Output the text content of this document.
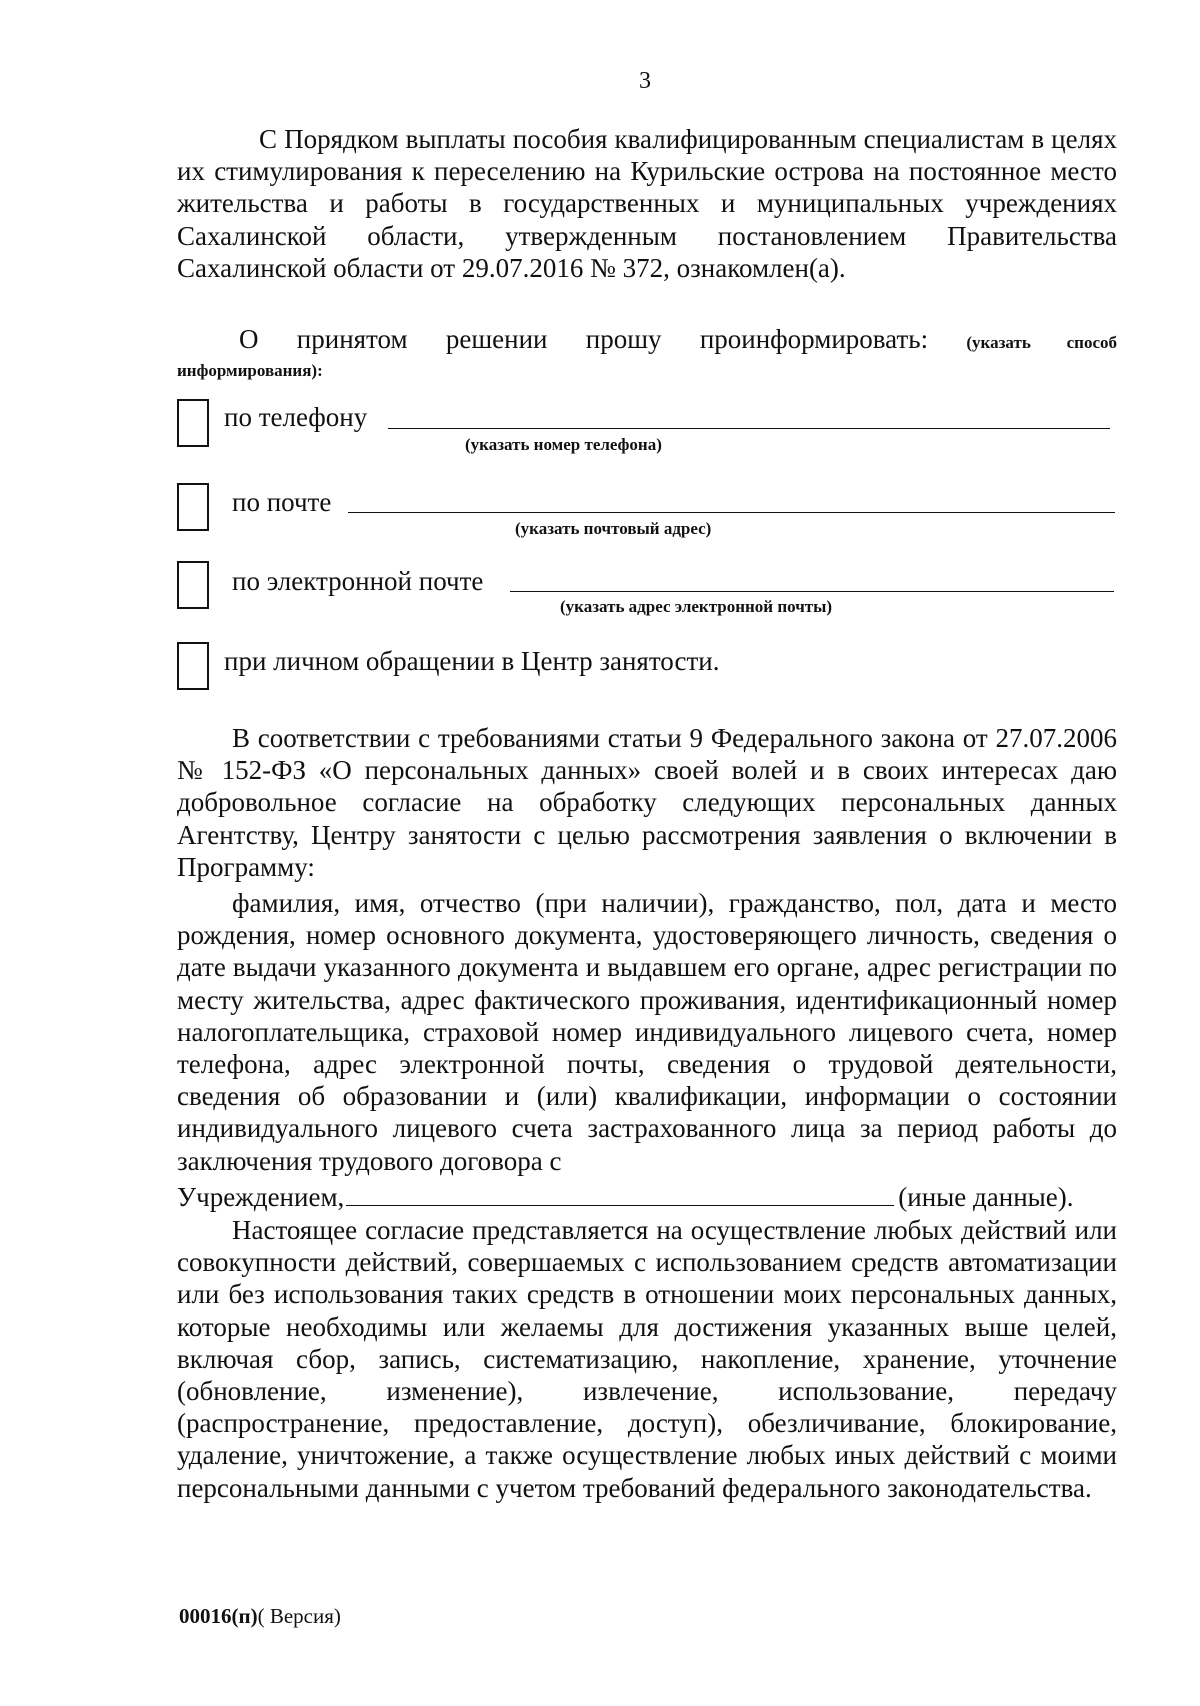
3
С Порядком выплаты пособия квалифицированным специалистам в целях их стимулирования к переселению на Курильские острова на постоянное место жительства и работы в государственных и муниципальных учреждениях Сахалинской области, утвержденным постановлением Правительства Сахалинской области от 29.07.2016 № 372, ознакомлен(а).
О принятом решении прошу проинформировать: (указать способ
информирования):
по телефону
(указать номер телефона)
по почте
(указать почтовый адрес)
по электронной почте
(указать адрес электронной почты)
при личном обращении в Центр занятости.
В соответствии с требованиями статьи 9 Федерального закона от 27.07.2006 № 152-ФЗ «О персональных данных» своей волей и в своих интересах даю добровольное согласие на обработку следующих персональных данных Агентству, Центру занятости с целью рассмотрения заявления о включении в Программу:
фамилия, имя, отчество (при наличии), гражданство, пол, дата и место рождения, номер основного документа, удостоверяющего личность, сведения о дате выдачи указанного документа и выдавшем его органе, адрес регистрации по месту жительства, адрес фактического проживания, идентификационный номер налогоплательщика, страховой номер индивидуального лицевого счета, номер телефона, адрес электронной почты, сведения о трудовой деятельности, сведения об образовании и (или) квалификации, информации о состоянии индивидуального лицевого счета застрахованного лица за период работы до заключения трудового договора с
Учреждением,	(иные данные).
Настоящее согласие представляется на осуществление любых действий или совокупности действий, совершаемых с использованием средств автоматизации или без использования таких средств в отношении моих персональных данных, которые необходимы или желаемы для достижения указанных выше целей, включая сбор, запись, систематизацию, накопление, хранение, уточнение (обновление, изменение), извлечение, использование, передачу (распространение, предоставление, доступ), обезличивание, блокирование, удаление, уничтожение, а также осуществление любых иных действий с моими персональными данными с учетом требований федерального законодательства.
00016(п)( Версия)
